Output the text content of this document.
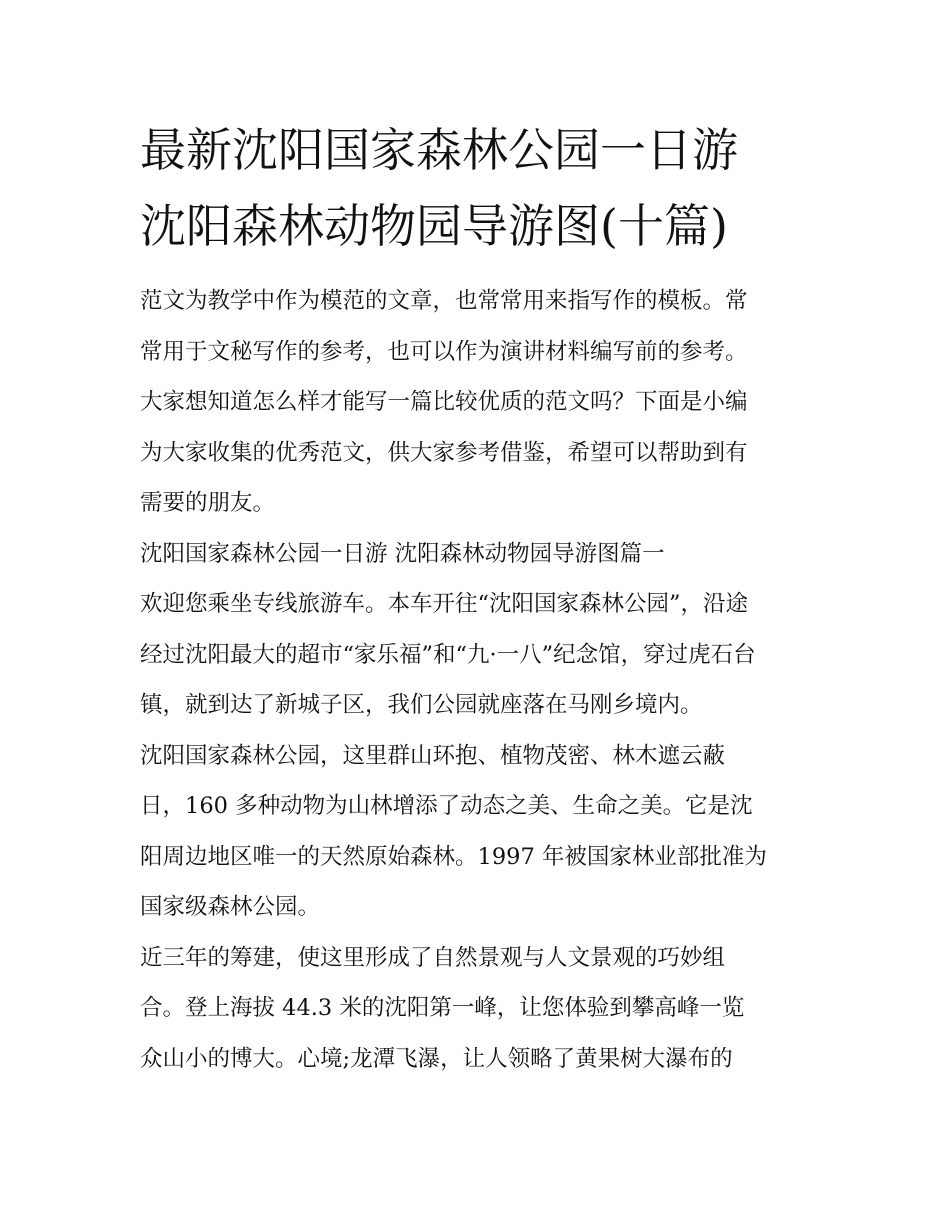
最新沈阳国家森林公园一日游
沈阳森林动物园导游图(十篇)
范文为教学中作为模范的文章，也常常用来指写作的模板。常
常用于文秘写作的参考，也可以作为演讲材料编写前的参考。
大家想知道怎么样才能写一篇比较优质的范文吗？下面是小编
为大家收集的优秀范文，供大家参考借鉴，希望可以帮助到有
需要的朋友。
沈阳国家森林公园一日游 沈阳森林动物园导游图篇一
欢迎您乘坐专线旅游车。本车开往“沈阳国家森林公园”，沿途
经过沈阳最大的超市“家乐福”和“九·一八”纪念馆，穿过虎石台
镇，就到达了新城子区，我们公园就座落在马刚乡境内。
沈阳国家森林公园，这里群山环抱、植物茂密、林木遮云蔽
日，160 多种动物为山林增添了动态之美、生命之美。它是沈
阳周边地区唯一的天然原始森林。1997 年被国家林业部批准为
国家级森林公园。
近三年的筹建，使这里形成了自然景观与人文景观的巧妙组
合。登上海拔 44.3 米的沈阳第一峰，让您体验到攀高峰一览
众山小的博大。心境;龙潭飞瀑，让人领略了黄果树大瀑布的
